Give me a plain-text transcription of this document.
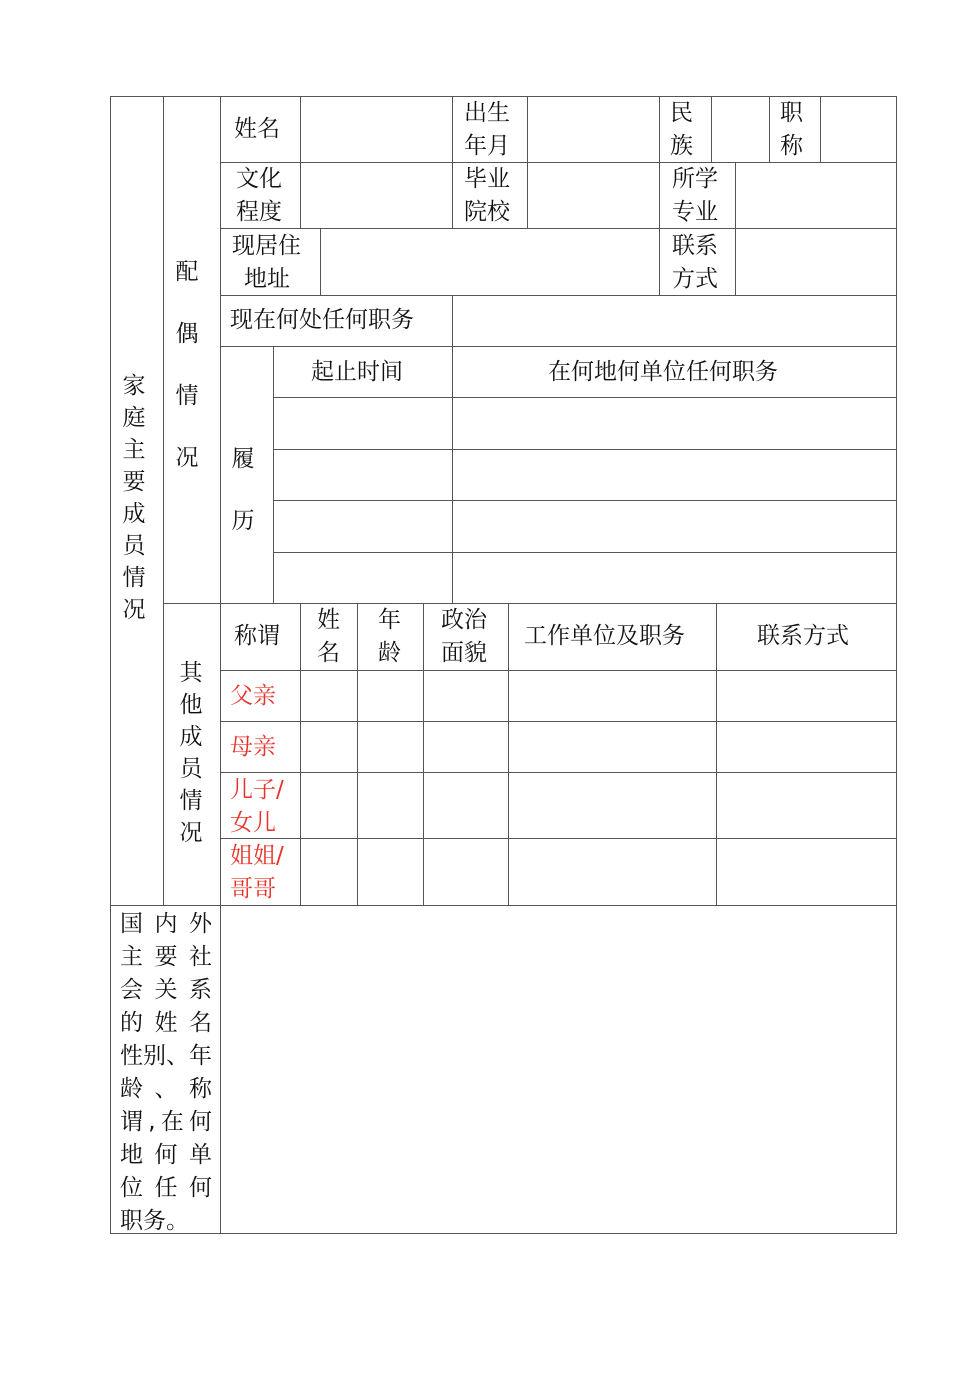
家庭主要成员情况
配偶情况
姓名
出生
年月
民
族
职
称
文化
程度
毕业
院校
所学
专业
现居住
地址
联系
方式
现在何处任何职务
履历
起止时间	在何地何单位任何职务
其他成员情况
称谓
姓
名
年
龄
政治
面貌
工作单位及职务	联系方式
父亲
母亲
儿子/
女儿
姐姐/
哥哥
国内外
主要社
会关系
的姓名
性别、年
龄、称
谓,在何
地何单
位任何
职务。
